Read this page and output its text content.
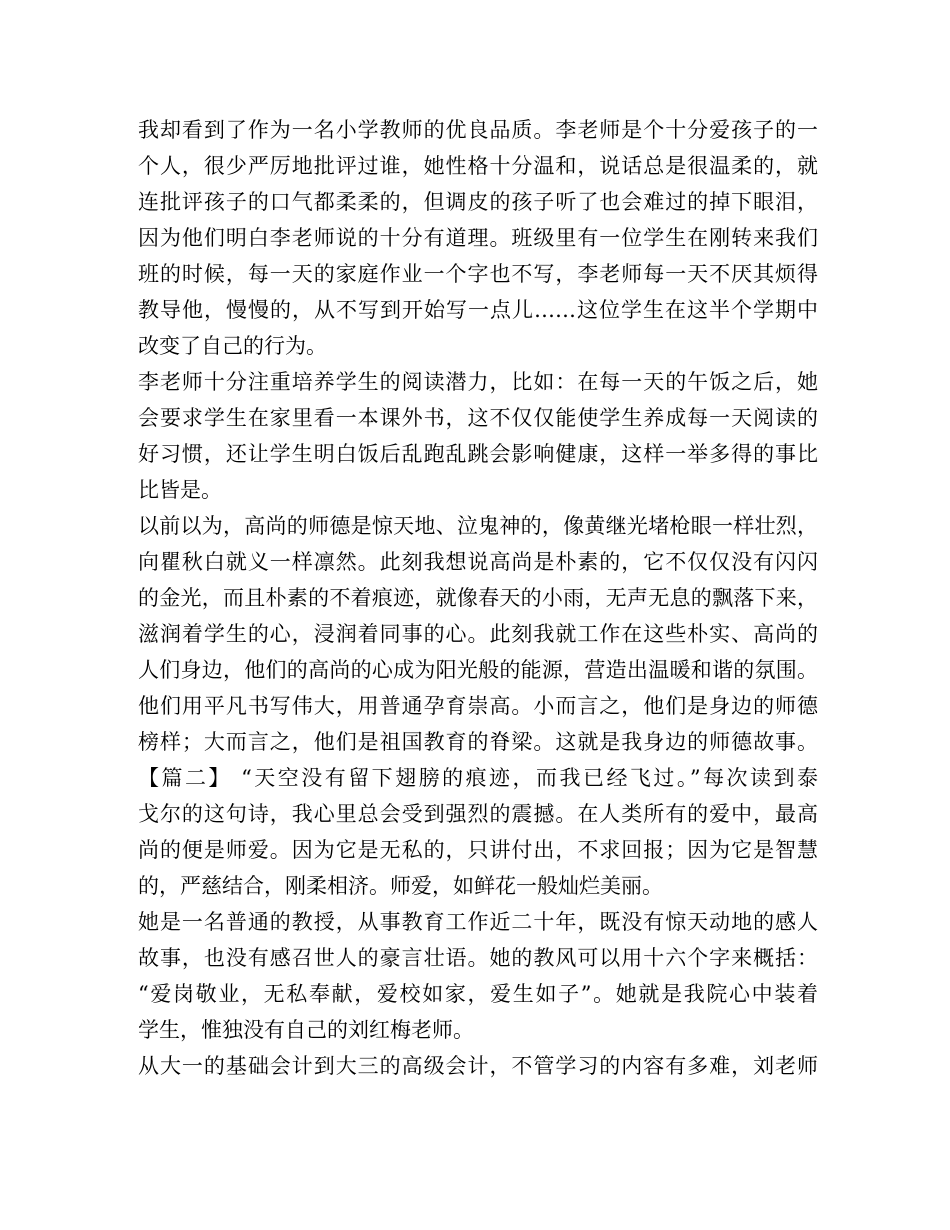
我却看到了作为一名小学教师的优良品质。李老师是个十分爱孩子的一
个人，很少严厉地批评过谁，她性格十分温和，说话总是很温柔的，就
连批评孩子的口气都柔柔的，但调皮的孩子听了也会难过的掉下眼泪，
因为他们明白李老师说的十分有道理。班级里有一位学生在刚转来我们
班的时候，每一天的家庭作业一个字也不写，李老师每一天不厌其烦得
教导他，慢慢的，从不写到开始写一点儿……这位学生在这半个学期中
改变了自己的行为。
李老师十分注重培养学生的阅读潜力，比如：在每一天的午饭之后，她
会要求学生在家里看一本课外书，这不仅仅能使学生养成每一天阅读的
好习惯，还让学生明白饭后乱跑乱跳会影响健康，这样一举多得的事比
比皆是。
以前以为，高尚的师德是惊天地、泣鬼神的，像黄继光堵枪眼一样壮烈，
向瞿秋白就义一样凛然。此刻我想说高尚是朴素的，它不仅仅没有闪闪
的金光，而且朴素的不着痕迹，就像春天的小雨，无声无息的飘落下来，
滋润着学生的心，浸润着同事的心。此刻我就工作在这些朴实、高尚的
人们身边，他们的高尚的心成为阳光般的能源，营造出温暖和谐的氛围。
他们用平凡书写伟大，用普通孕育崇高。小而言之，他们是身边的师德
榜样；大而言之，他们是祖国教育的脊梁。这就是我身边的师德故事。
【篇二】 “天空没有留下翅膀的痕迹，而我已经飞过。”每次读到泰
戈尔的这句诗，我心里总会受到强烈的震撼。在人类所有的爱中，最高
尚的便是师爱。因为它是无私的，只讲付出，不求回报；因为它是智慧
的，严慈结合，刚柔相济。师爱，如鲜花一般灿烂美丽。
她是一名普通的教授，从事教育工作近二十年，既没有惊天动地的感人
故事，也没有感召世人的豪言壮语。她的教风可以用十六个字来概括：
“爱岗敬业，无私奉献，爱校如家，爱生如子”。她就是我院心中装着
学生，惟独没有自己的刘红梅老师。
从大一的基础会计到大三的高级会计，不管学习的内容有多难，刘老师
